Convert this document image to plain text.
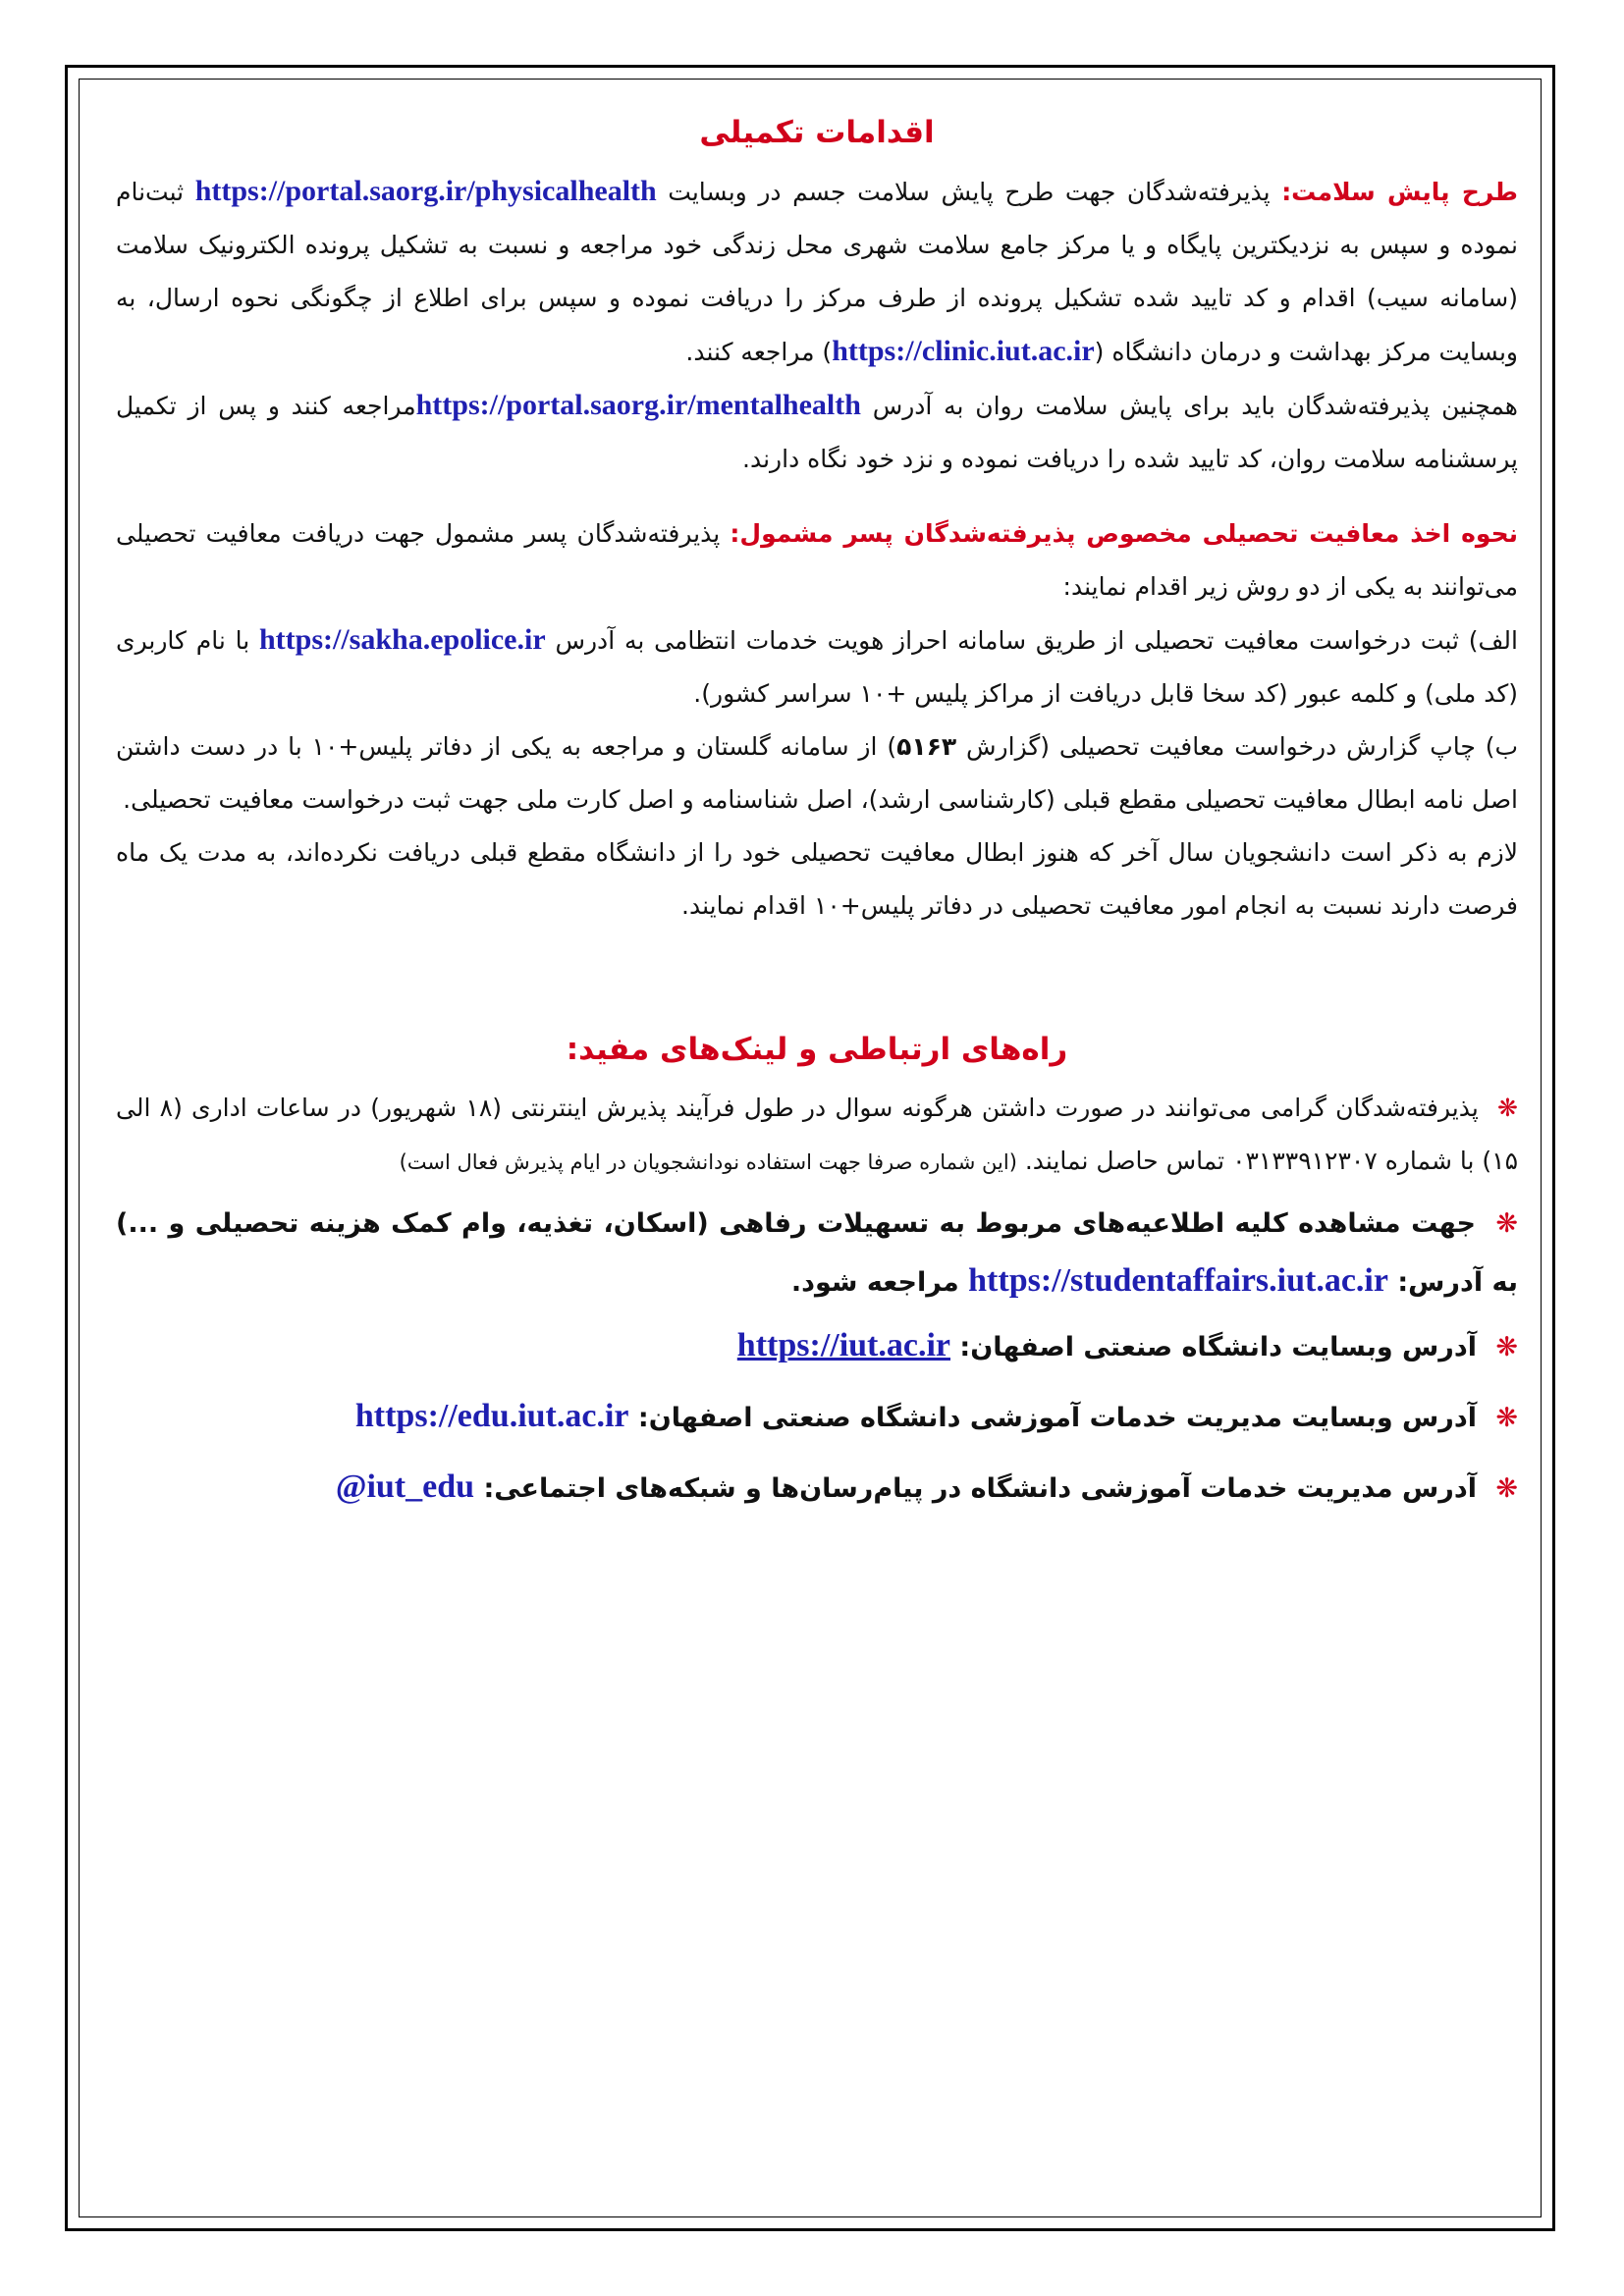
اقدامات تکمیلی

طرح پایش سلامت: پذیرفته‌شدگان جهت طرح پایش سلامت جسم در وبسایت https://portal.saorg.ir/physicalhealth ثبت‌نام نموده و سپس به نزدیکترین پایگاه و یا مرکز جامع سلامت شهری محل زندگی خود مراجعه و نسبت به تشکیل پرونده الکترونیک سلامت (سامانه سیب) اقدام و کد تایید شده تشکیل پرونده از طرف مرکز را دریافت نموده و سپس برای اطلاع از چگونگی نحوه ارسال، به وبسایت مرکز بهداشت و درمان دانشگاه (https://clinic.iut.ac.ir) مراجعه کنند.

همچنین پذیرفته‌شدگان باید برای پایش سلامت روان به آدرس https://portal.saorg.ir/mentalhealthمراجعه کنند و پس از تکمیل پرسشنامه سلامت روان، کد تایید شده را دریافت نموده و نزد خود نگاه دارند.

نحوه اخذ معافیت تحصیلی مخصوص پذیرفته‌شدگان پسر مشمول: پذیرفته‌شدگان پسر مشمول جهت دریافت معافیت تحصیلی می‌توانند به یکی از دو روش زیر اقدام نمایند:

الف) ثبت درخواست معافیت تحصیلی از طریق سامانه احراز هویت خدمات انتظامی به آدرس https://sakha.epolice.ir با نام کاربری (کد ملی) و کلمه عبور (کد سخا قابل دریافت از مراکز پلیس +۱۰ سراسر کشور).

ب) چاپ گزارش درخواست معافیت تحصیلی (گزارش ۵۱۶۳) از سامانه گلستان و مراجعه به یکی از دفاتر پلیس+۱۰ با در دست داشتن اصل نامه ابطال معافیت تحصیلی مقطع قبلی (کارشناسی ارشد)، اصل شناسنامه و اصل کارت ملی جهت ثبت درخواست معافیت تحصیلی.

لازم به ذکر است دانشجویان سال آخر که هنوز ابطال معافیت تحصیلی خود را از دانشگاه مقطع قبلی دریافت نکرده‌اند، به مدت یک ماه فرصت دارند نسبت به انجام امور معافیت تحصیلی در دفاتر پلیس+۱۰ اقدام نمایند.

راه‌های ارتباطی و لینک‌های مفید:

❋ پذیرفته‌شدگان گرامی می‌توانند در صورت داشتن هرگونه سوال در طول فرآیند پذیرش اینترنتی (۱۸ شهریور) در ساعات اداری (۸ الی ۱۵) با شماره ۰۳۱۳۳۹۱۲۳۰۷ تماس حاصل نمایند. (این شماره صرفا جهت استفاده نودانشجویان در ایام پذیرش فعال است)

❋ جهت مشاهده کلیه اطلاعیه‌های مربوط به تسهیلات رفاهی (اسکان، تغذیه، وام کمک هزینه تحصیلی و ...) به آدرس: https://studentaffairs.iut.ac.ir مراجعه شود.

❋ آدرس وبسایت دانشگاه صنعتی اصفهان: https://iut.ac.ir

❋ آدرس وبسایت مدیریت خدمات آموزشی دانشگاه صنعتی اصفهان: https://edu.iut.ac.ir

❋ آدرس مدیریت خدمات آموزشی دانشگاه در پیام‌رسان‌ها و شبکه‌های اجتماعی: @iut_edu
